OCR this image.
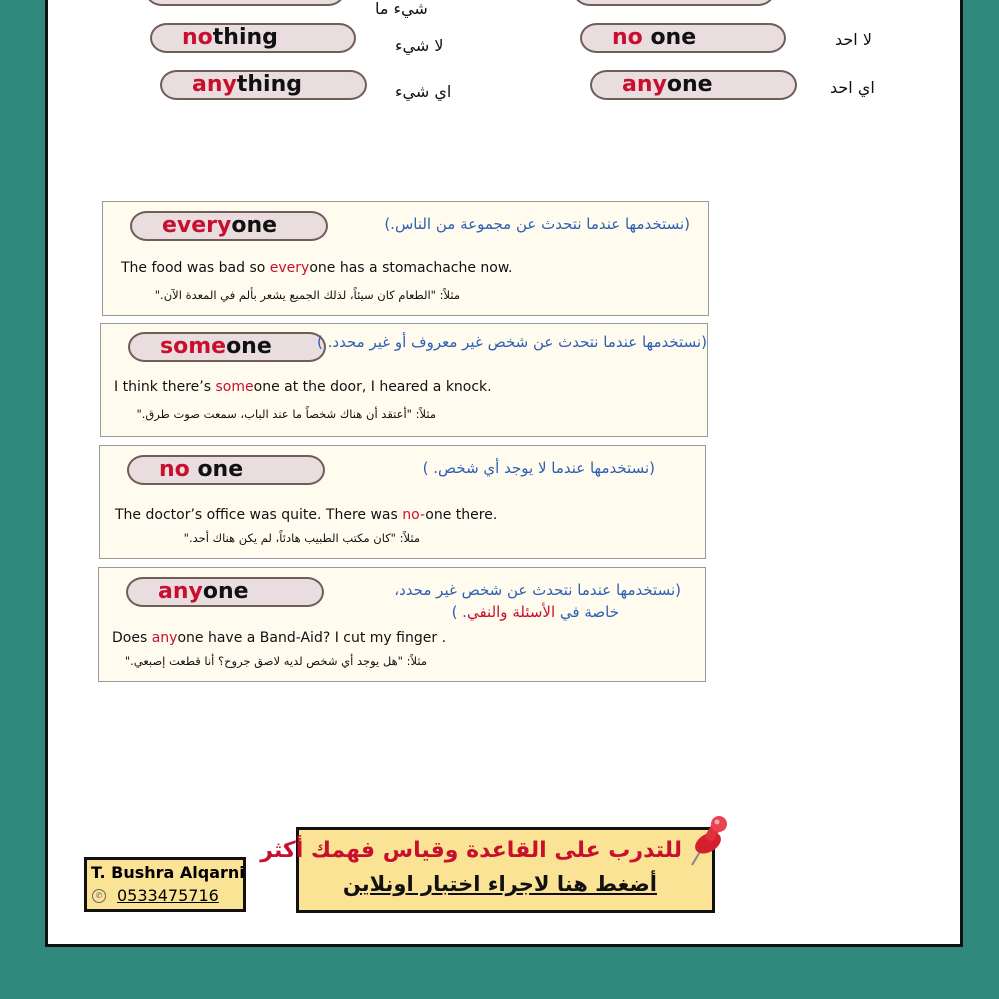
شيء ما
nothing	لا شيء	no one	لا احد
anything	اي شيء	anyone	اي احد
everyone	(نستخدمها عندما نتحدث عن مجموعة من الناس.)
The food was bad so everyone has a stomachache now.
مثلاً: "الطعام كان سيئاً، لذلك الجميع يشعر بألم في المعدة الآن."
someone	(نستخدمها عندما نتحدث عن شخص غير معروف أو غير محدد. )
I think there’s someone at the door, I heared a knock.
مثلاً: "أعتقد أن هناك شخصاً ما عند الباب، سمعت صوت طرق."
no one	(نستخدمها عندما لا يوجد أي شخص. )
The doctor’s office was quite. There was no-one there.
مثلاً: "كان مكتب الطبيب هادئاً، لم يكن هناك أحد."
anyone	(نستخدمها عندما نتحدث عن شخص غير محدد،
خاصة في الأسئلة والنفي. )
Does anyone have a Band-Aid? I cut my finger .
مثلاً: "هل يوجد أي شخص لديه لاصق جروح؟ أنا قطعت إصبعي."
T. Bushra Alqarni
✆ 0533475716
للتدرب على القاعدة وقياس فهمك أكثر
أضغط هنا لاجراء اختبار اونلاين
